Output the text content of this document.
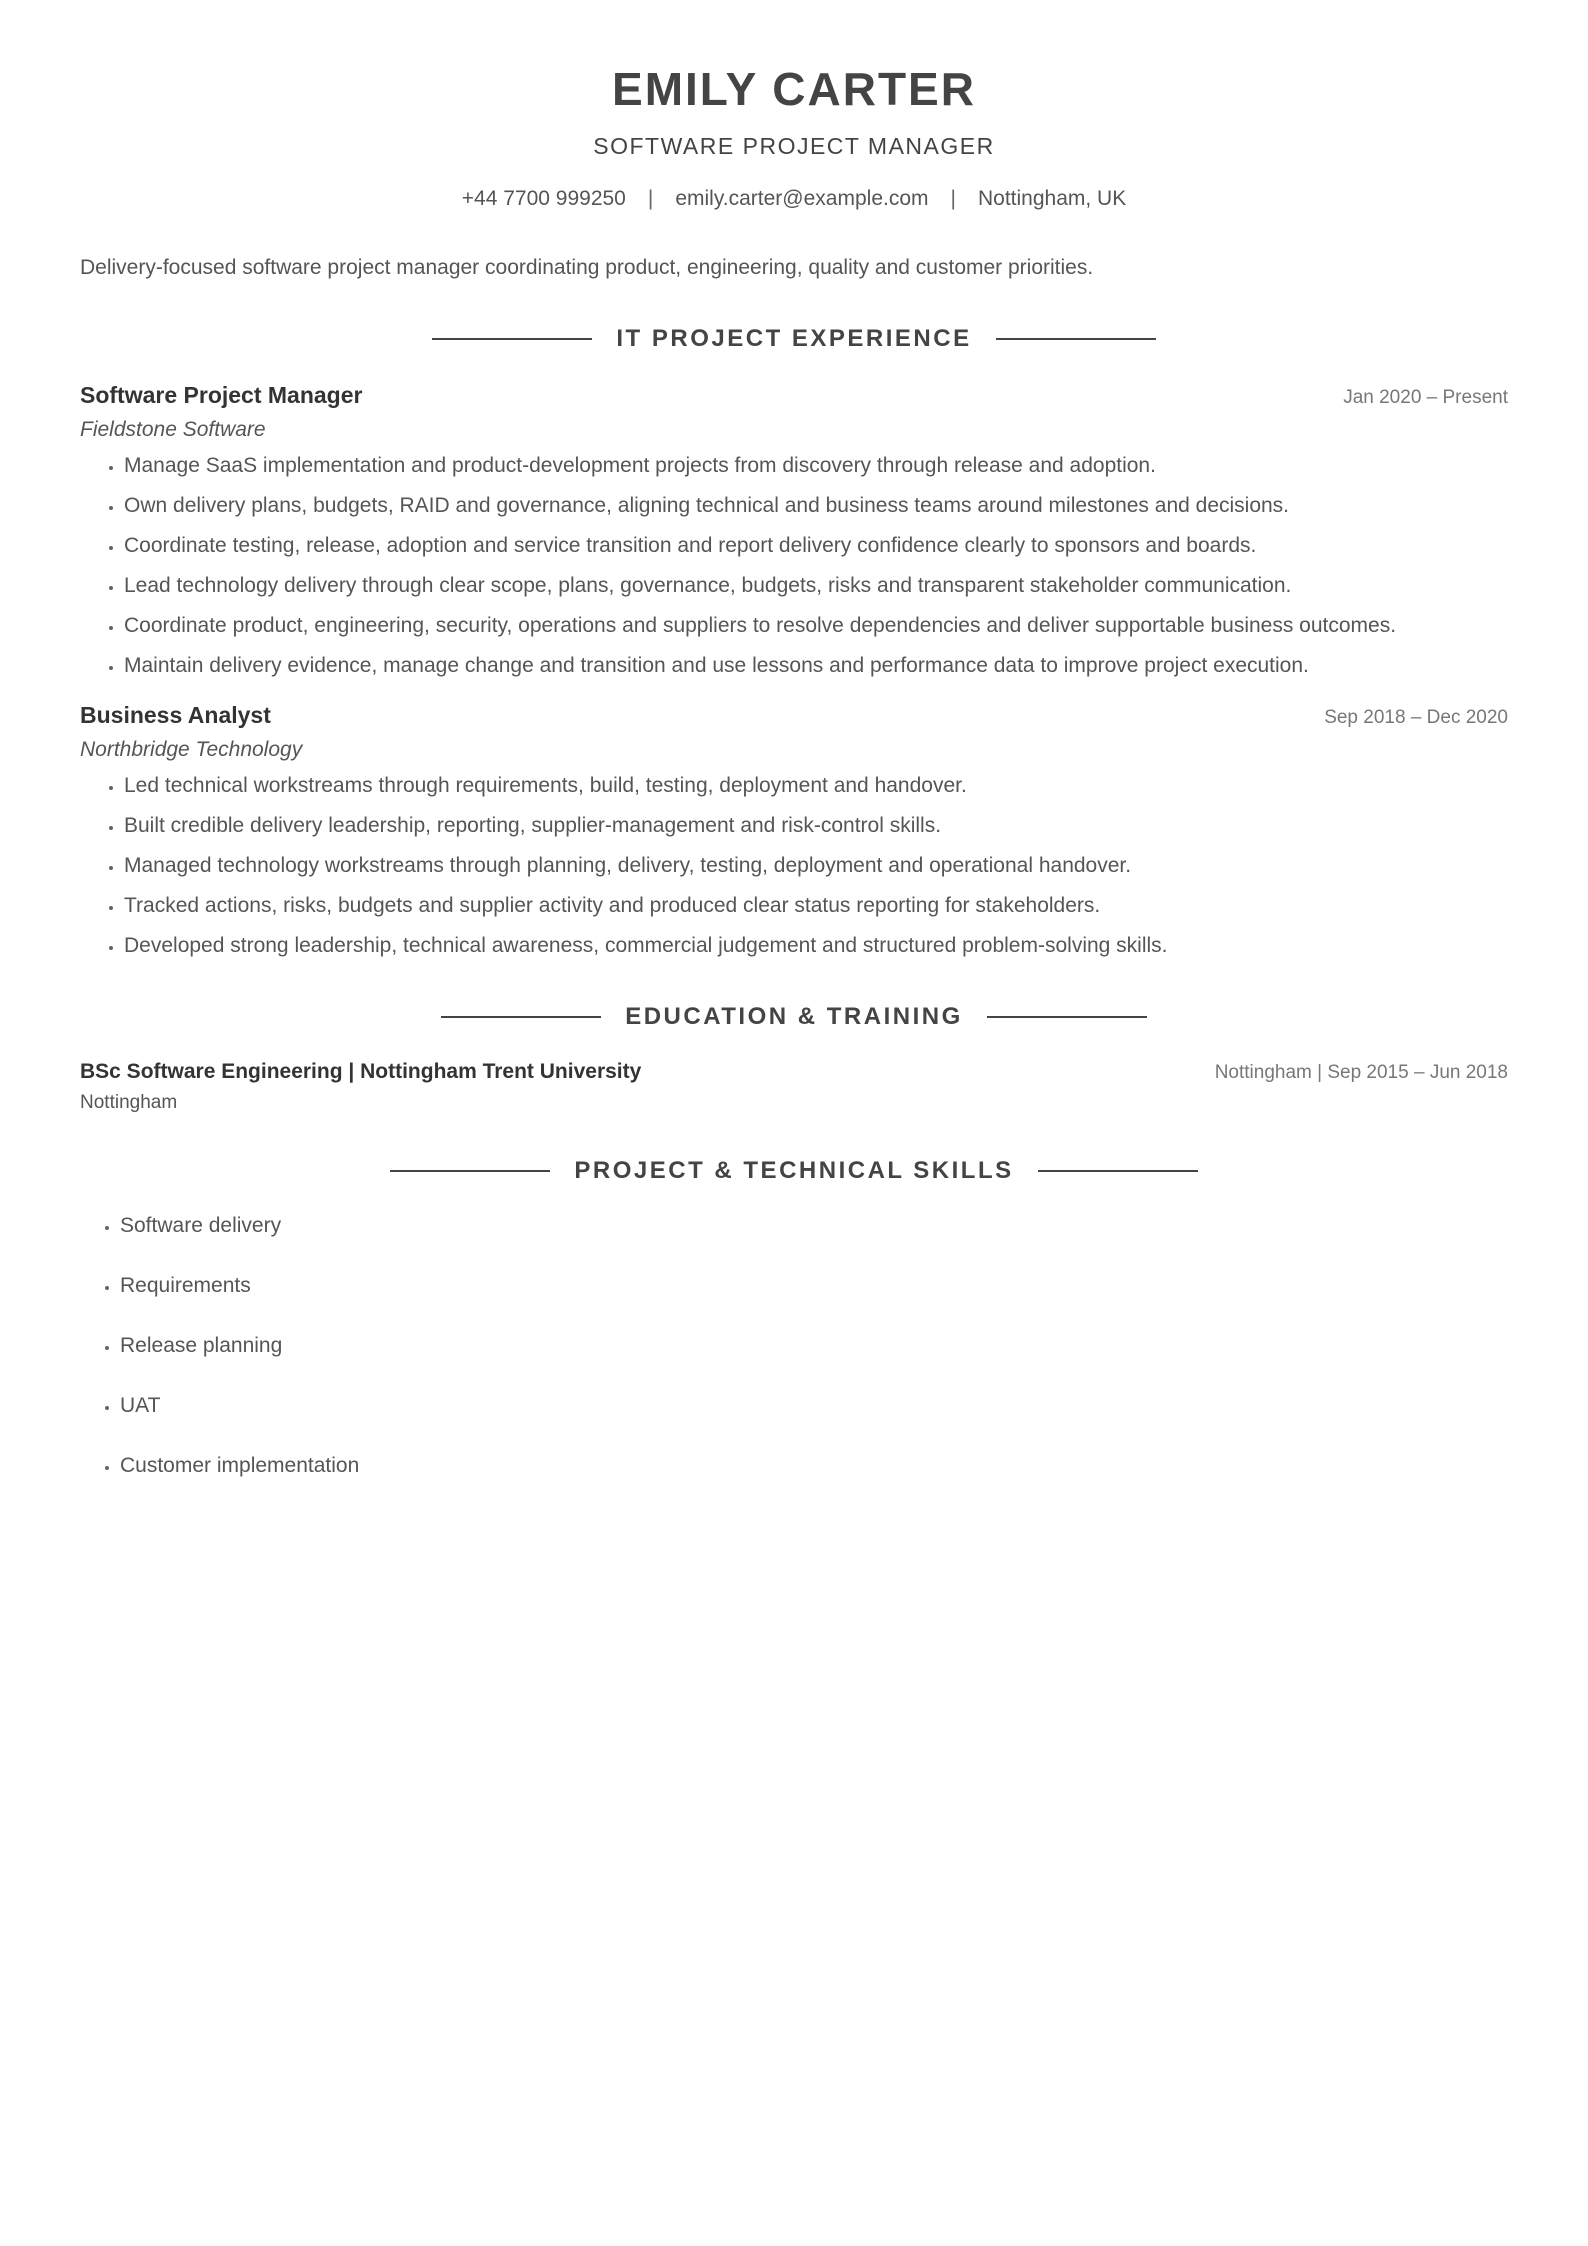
EMILY CARTER
SOFTWARE PROJECT MANAGER
+44 7700 999250 | emily.carter@example.com | Nottingham, UK
Delivery-focused software project manager coordinating product, engineering, quality and customer priorities.
IT PROJECT EXPERIENCE
Software Project Manager	Jan 2020 – Present
Fieldstone Software
• Manage SaaS implementation and product-development projects from discovery through release and adoption.
• Own delivery plans, budgets, RAID and governance, aligning technical and business teams around milestones and decisions.
• Coordinate testing, release, adoption and service transition and report delivery confidence clearly to sponsors and boards.
• Lead technology delivery through clear scope, plans, governance, budgets, risks and transparent stakeholder communication.
• Coordinate product, engineering, security, operations and suppliers to resolve dependencies and deliver supportable business outcomes.
• Maintain delivery evidence, manage change and transition and use lessons and performance data to improve project execution.
Business Analyst	Sep 2018 – Dec 2020
Northbridge Technology
• Led technical workstreams through requirements, build, testing, deployment and handover.
• Built credible delivery leadership, reporting, supplier-management and risk-control skills.
• Managed technology workstreams through planning, delivery, testing, deployment and operational handover.
• Tracked actions, risks, budgets and supplier activity and produced clear status reporting for stakeholders.
• Developed strong leadership, technical awareness, commercial judgement and structured problem-solving skills.
EDUCATION & TRAINING
BSc Software Engineering | Nottingham Trent University	Nottingham | Sep 2015 – Jun 2018
Nottingham
PROJECT & TECHNICAL SKILLS
• Software delivery
• Requirements
• Release planning
• UAT
• Customer implementation
